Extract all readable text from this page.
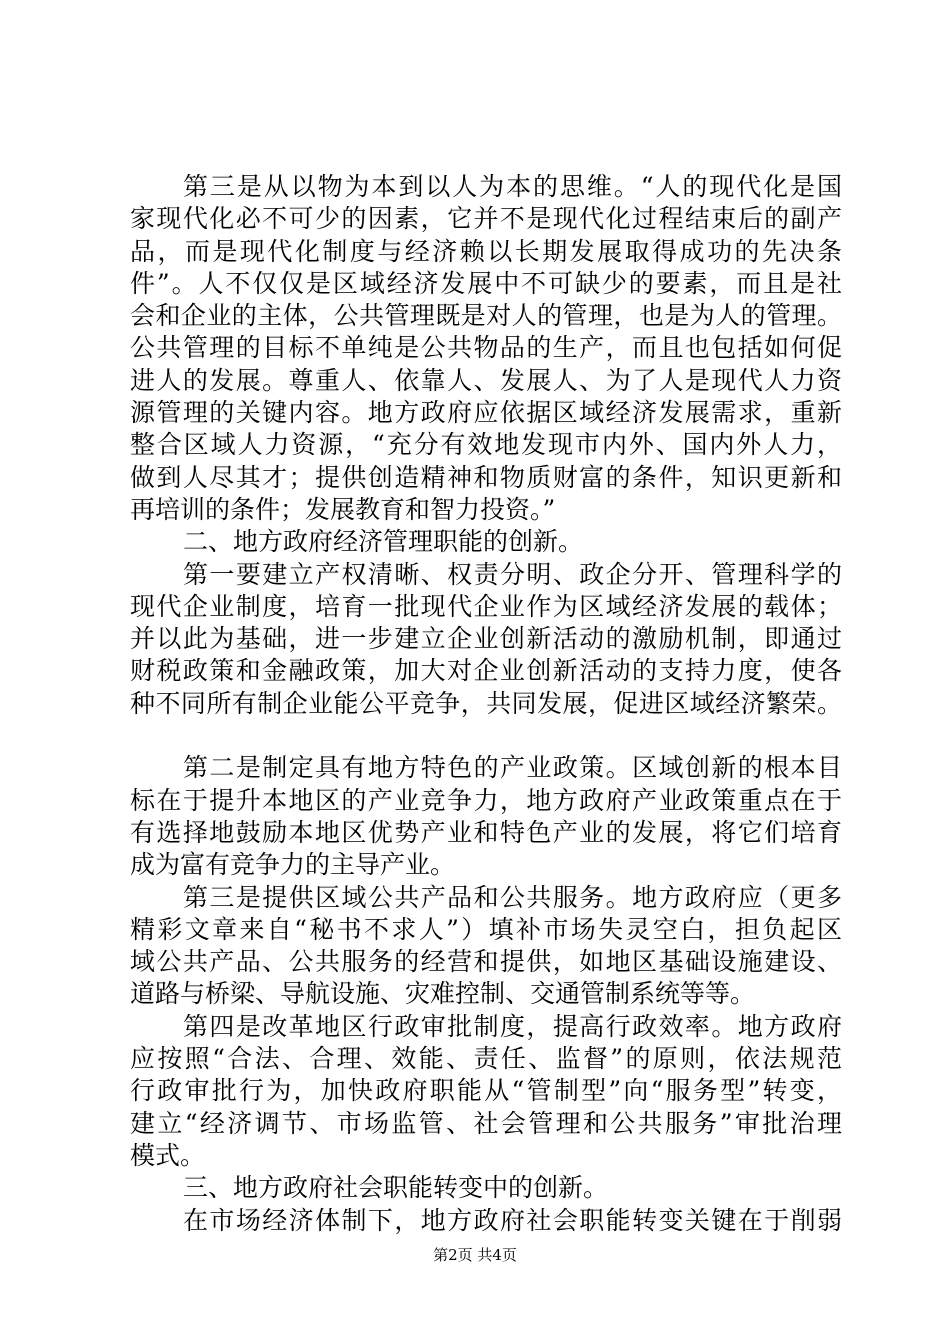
第三是从以物为本到以人为本的思维。“人的现代化是国
家现代化必不可少的因素，它并不是现代化过程结束后的副产
品，而是现代化制度与经济赖以长期发展取得成功的先决条
件”。人不仅仅是区域经济发展中不可缺少的要素，而且是社
会和企业的主体，公共管理既是对人的管理，也是为人的管理。
公共管理的目标不单纯是公共物品的生产，而且也包括如何促
进人的发展。尊重人、依靠人、发展人、为了人是现代人力资
源管理的关键内容。地方政府应依据区域经济发展需求，重新
整合区域人力资源，“充分有效地发现市内外、国内外人力，
做到人尽其才；提供创造精神和物质财富的条件，知识更新和
再培训的条件；发展教育和智力投资。”
二、地方政府经济管理职能的创新。
第一要建立产权清晰、权责分明、政企分开、管理科学的
现代企业制度，培育一批现代企业作为区域经济发展的载体；
并以此为基础，进一步建立企业创新活动的激励机制，即通过
财税政策和金融政策，加大对企业创新活动的支持力度，使各
种不同所有制企业能公平竞争，共同发展，促进区域经济繁荣。
第二是制定具有地方特色的产业政策。区域创新的根本目
标在于提升本地区的产业竞争力，地方政府产业政策重点在于
有选择地鼓励本地区优势产业和特色产业的发展，将它们培育
成为富有竞争力的主导产业。
第三是提供区域公共产品和公共服务。地方政府应（更多
精彩文章来自“秘书不求人”）填补市场失灵空白，担负起区
域公共产品、公共服务的经营和提供，如地区基础设施建设、
道路与桥梁、导航设施、灾难控制、交通管制系统等等。
第四是改革地区行政审批制度，提高行政效率。地方政府
应按照“合法、合理、效能、责任、监督”的原则，依法规范
行政审批行为，加快政府职能从“管制型”向“服务型”转变，
建立“经济调节、市场监管、社会管理和公共服务”审批治理
模式。
三、地方政府社会职能转变中的创新。
在市场经济体制下，地方政府社会职能转变关键在于削弱
第2页 共4页
